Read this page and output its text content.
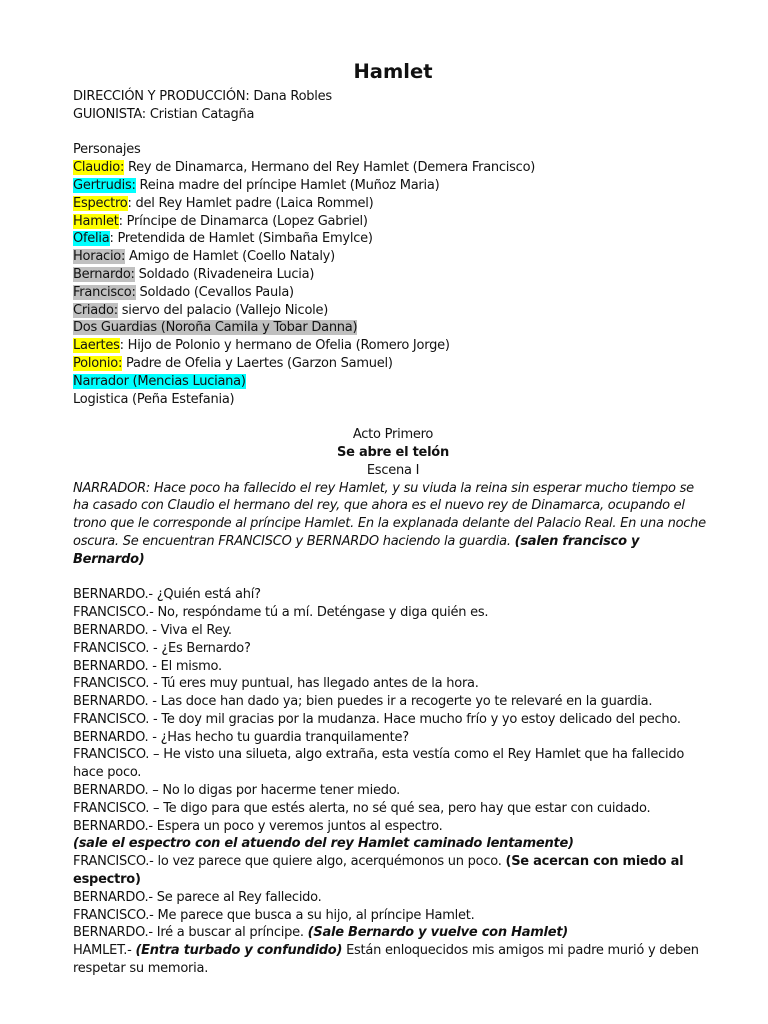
Hamlet
DIRECCIÓN Y PRODUCCIÓN: Dana Robles
GUIONISTA: Cristian Catagña
Personajes
Claudio: Rey de Dinamarca, Hermano del Rey Hamlet (Demera Francisco)
Gertrudis: Reina madre del príncipe Hamlet (Muñoz Maria)
Espectro: del Rey Hamlet padre (Laica Rommel)
Hamlet: Príncipe de Dinamarca (Lopez Gabriel)
Ofelia: Pretendida de Hamlet (Simbaña Emylce)
Horacio: Amigo de Hamlet (Coello Nataly)
Bernardo: Soldado (Rivadeneira Lucia)
Francisco: Soldado (Cevallos Paula)
Criado: siervo del palacio (Vallejo Nicole)
Dos Guardias (Noroña Camila y Tobar Danna)
Laertes: Hijo de Polonio y hermano de Ofelia (Romero Jorge)
Polonio: Padre de Ofelia y Laertes (Garzon Samuel)
Narrador (Mencias Luciana)
Logistica (Peña Estefania)
Acto Primero
Se abre el telón
Escena I
NARRADOR: Hace poco ha fallecido el rey Hamlet, y su viuda la reina sin esperar mucho tiempo se ha casado con Claudio el hermano del rey, que ahora es el nuevo rey de Dinamarca, ocupando el trono que le corresponde al príncipe Hamlet. En la explanada delante del Palacio Real. En una noche oscura. Se encuentran FRANCISCO y BERNARDO haciendo la guardia. (salen francisco y Bernardo)
BERNARDO.- ¿Quién está ahí?
FRANCISCO.- No, respóndame tú a mí. Deténgase y diga quién es.
BERNARDO. - Viva el Rey.
FRANCISCO. - ¿Es Bernardo?
BERNARDO. - El mismo.
FRANCISCO. - Tú eres muy puntual, has llegado antes de la hora.
BERNARDO. - Las doce han dado ya; bien puedes ir a recogerte yo te relevaré en la guardia.
FRANCISCO. - Te doy mil gracias por la mudanza. Hace mucho frío y yo estoy delicado del pecho.
BERNARDO. - ¿Has hecho tu guardia tranquilamente?
FRANCISCO. – He visto una silueta, algo extraña, esta vestía como el Rey Hamlet que ha fallecido hace poco.
BERNARDO. – No lo digas por hacerme tener miedo.
FRANCISCO. – Te digo para que estés alerta, no sé qué sea, pero hay que estar con cuidado.
BERNARDO.- Espera un poco y veremos juntos al espectro.
(sale el espectro con el atuendo del rey Hamlet caminado lentamente)
FRANCISCO.- lo vez parece que quiere algo, acerquémonos un poco. (Se acercan con miedo al espectro)
BERNARDO.- Se parece al Rey fallecido.
FRANCISCO.- Me parece que busca a su hijo, al príncipe Hamlet.
BERNARDO.- Iré a buscar al príncipe. (Sale Bernardo y vuelve con Hamlet)
HAMLET.- (Entra turbado y confundido) Están enloquecidos mis amigos mi padre murió y deben respetar su memoria.
